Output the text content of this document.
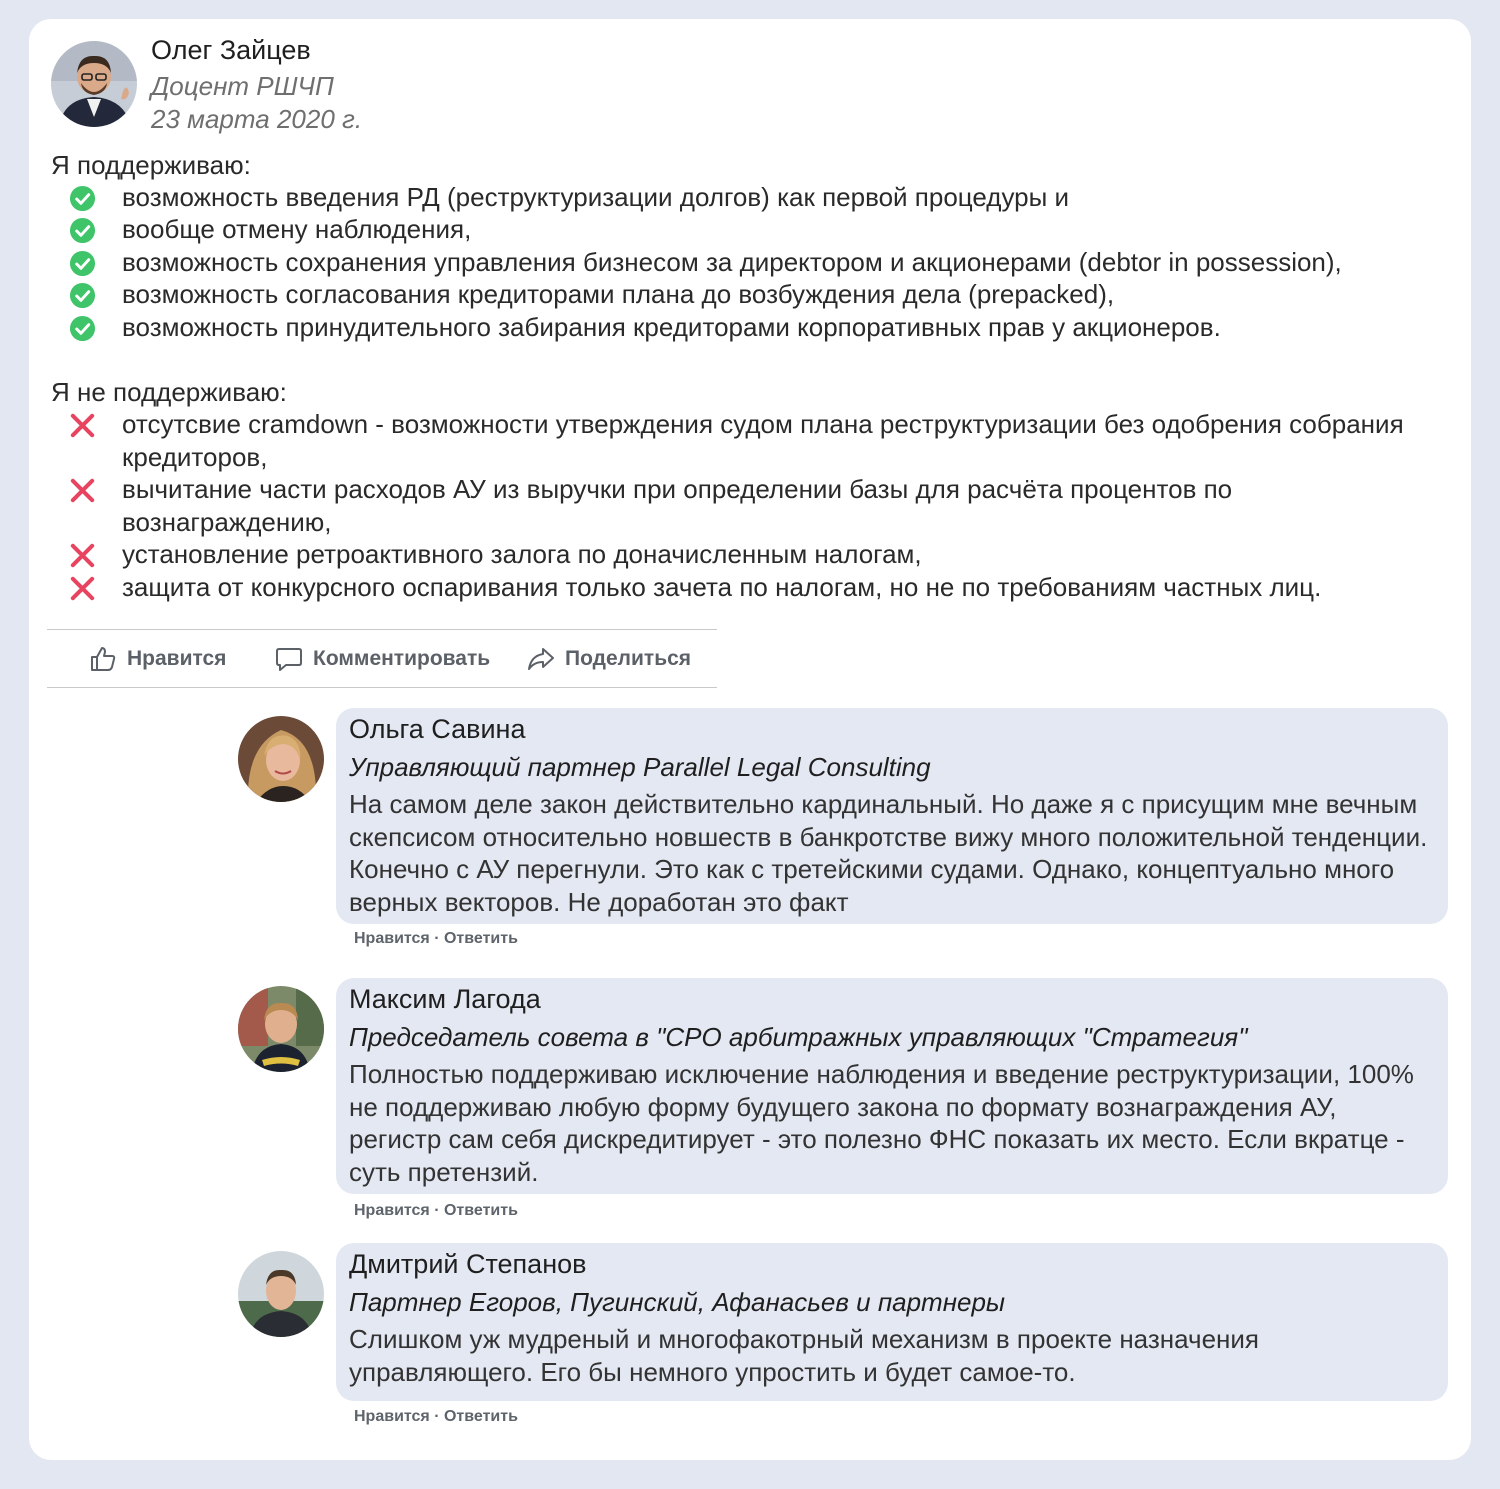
Олег Зайцев
Доцент РШЧП
23 марта 2020 г.
Я поддерживаю:
возможность введения РД (реструктуризации долгов) как первой процедуры и
вообще отмену наблюдения,
возможность сохранения управления бизнесом за директором и акционерами (debtor in possession),
возможность согласования кредиторами плана до возбуждения дела (prepacked),
возможность принудительного забирания кредиторами корпоративных прав у акционеров.
Я не поддерживаю:
отсутсвие cramdown - возможности утверждения судом плана реструктуризации без одобрения собрания кредиторов,
вычитание части расходов АУ из выручки при определении базы для расчёта процентов по вознаграждению,
установление ретроактивного залога по доначисленным налогам,
защита от конкурсного оспаривания только зачета по налогам, но не по требованиям частных лиц.
Нравится	Комментировать	Поделиться
Ольга Савина
Управляющий партнер Parallel Legal Consulting
На самом деле закон действительно кардинальный. Но даже я с присущим мне вечным скепсисом относительно новшеств в банкротстве вижу много положительной тенденции. Конечно с АУ перегнули. Это как с третейскими судами. Однако, концептуально много верных векторов. Не доработан это факт
Нравится · Ответить
Максим Лагода
Председатель совета в "СРО арбитражных управляющих "Стратегия"
Полностью поддерживаю исключение наблюдения и введение реструктуризации, 100% не поддерживаю любую форму будущего закона по формату вознаграждения АУ, регистр сам себя дискредитирует - это полезно ФНС показать их место. Если вкратце - суть претензий.
Нравится · Ответить
Дмитрий Степанов
Партнер Егоров, Пугинский, Афанасьев и партнеры
Слишком уж мудреный и многофакотрный механизм в проекте назначения управляющего. Его бы немного упростить и будет самое-то.
Нравится · Ответить
